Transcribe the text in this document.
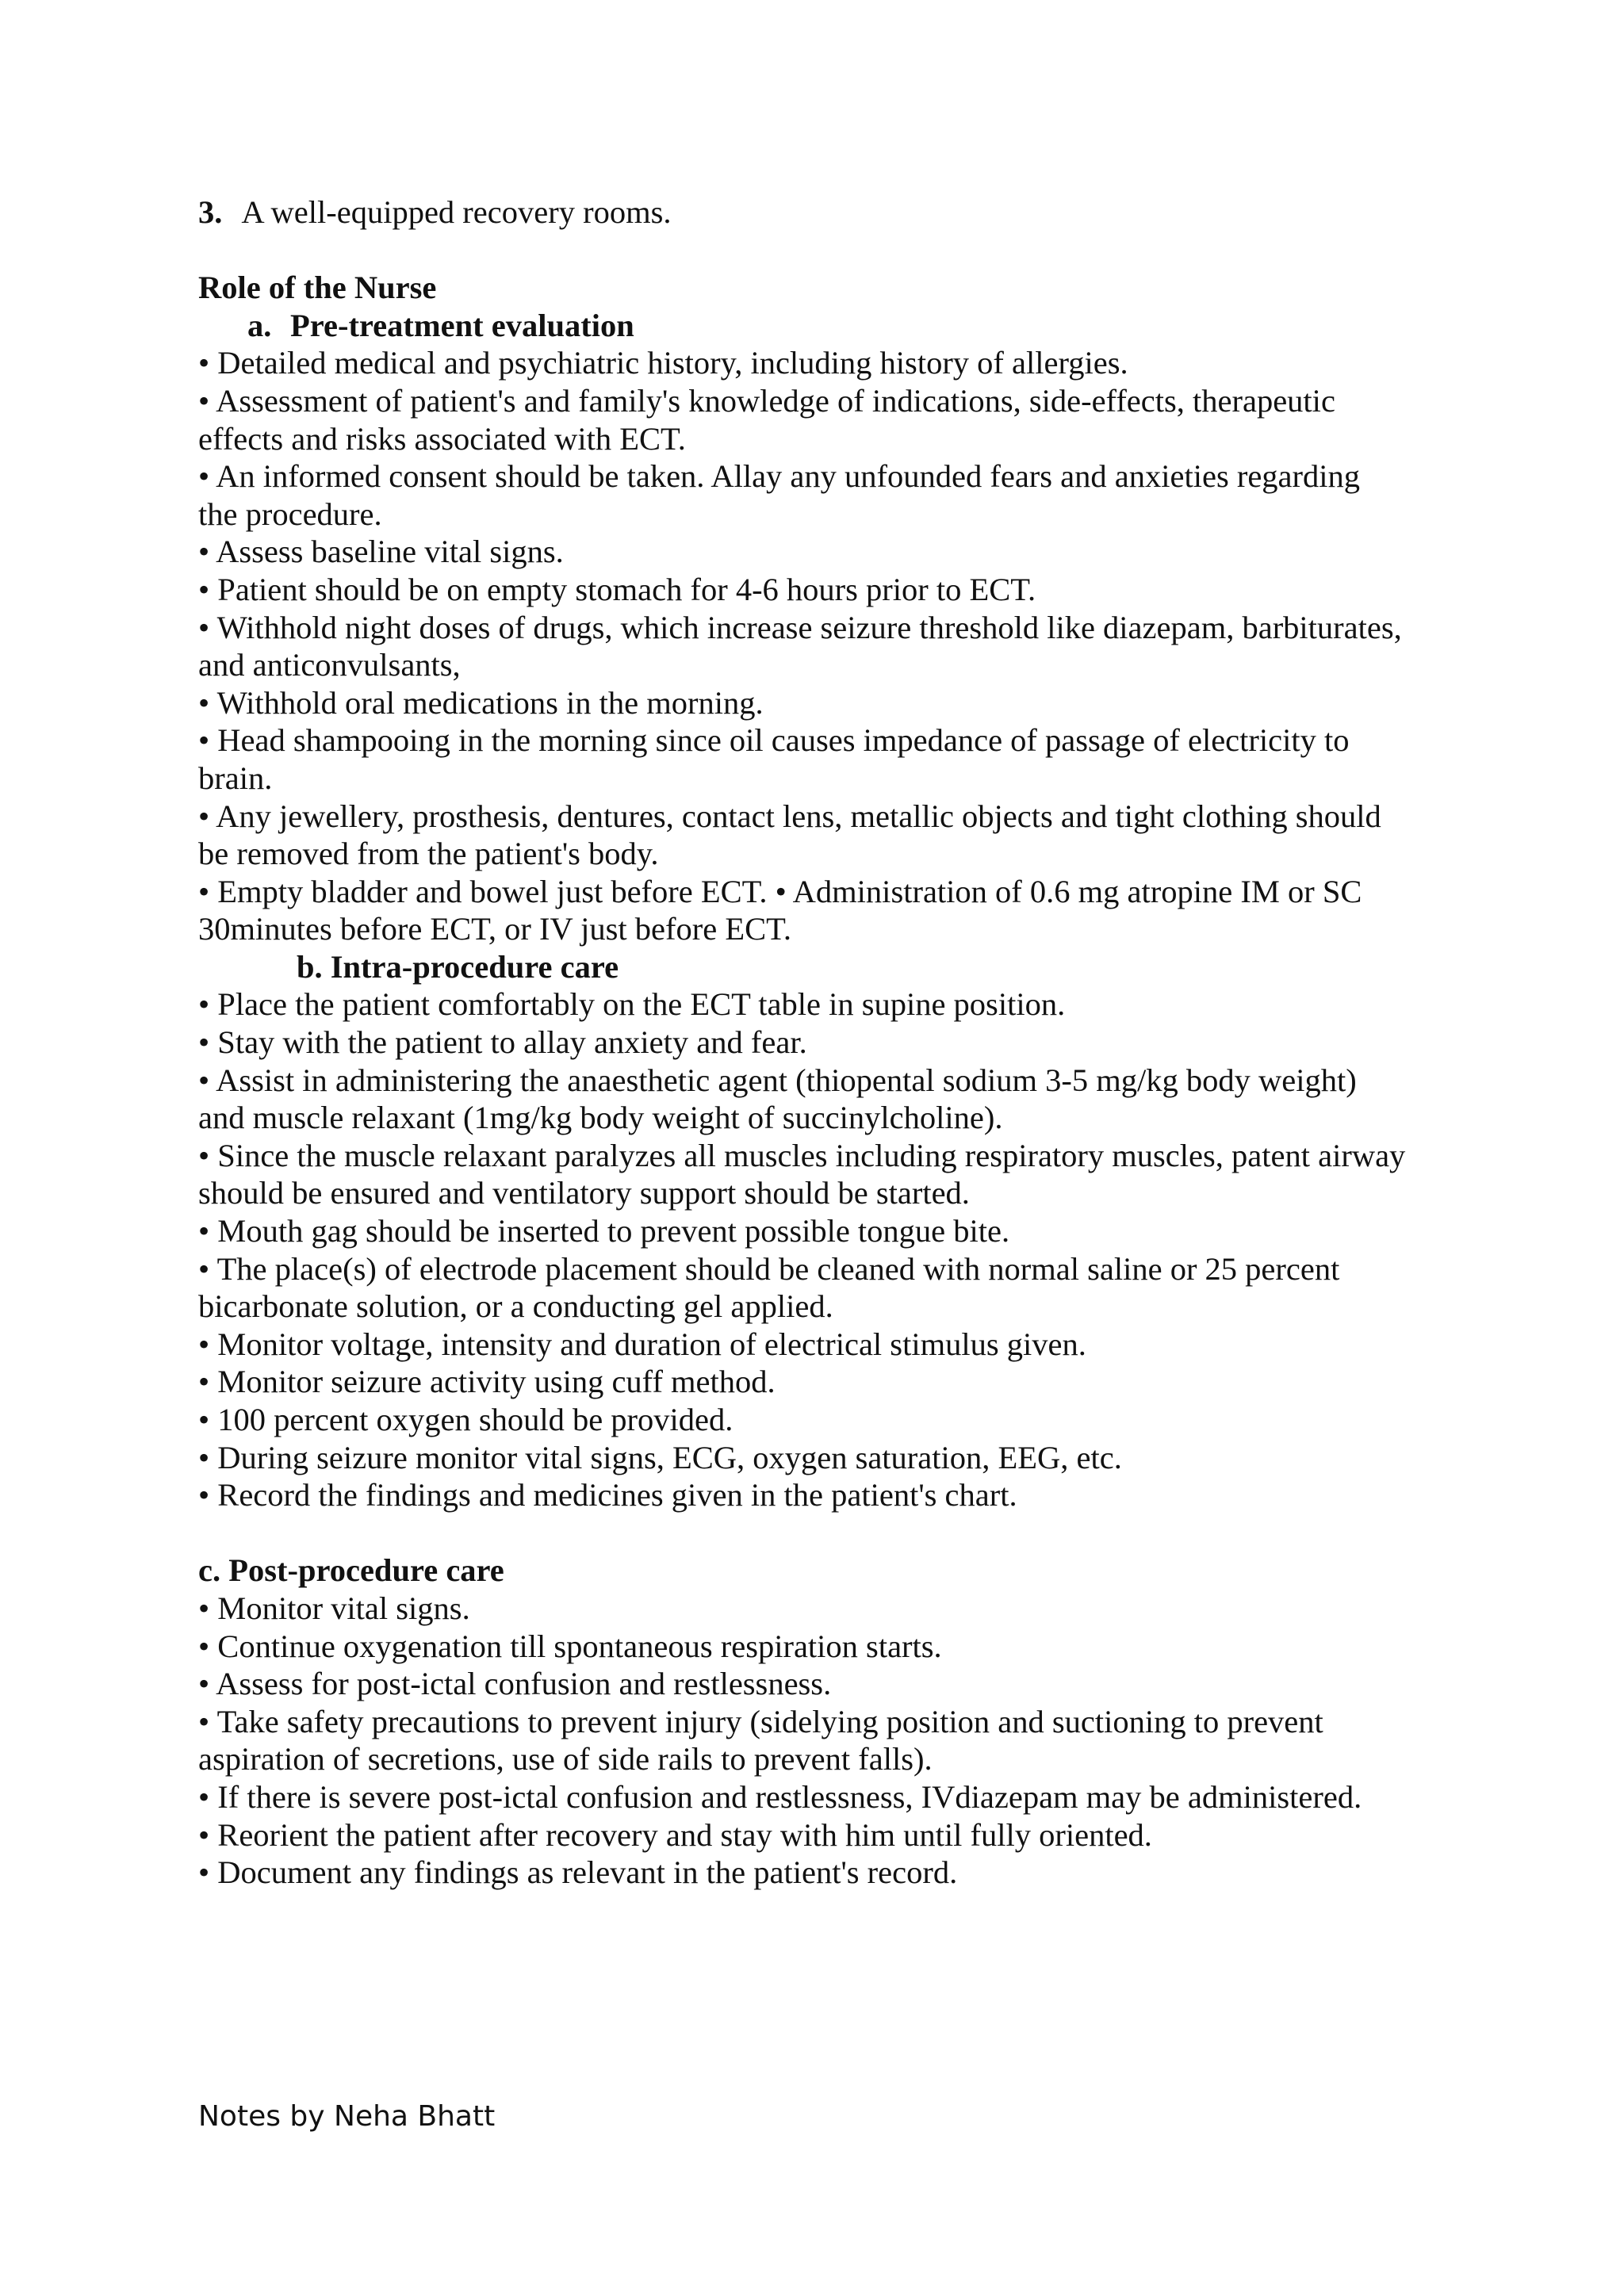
3. A well-equipped recovery rooms.

Role of the Nurse

a. Pre-treatment evaluation

• Detailed medical and psychiatric history, including history of allergies.

• Assessment of patient's and family's knowledge of indications, side-effects, therapeutic

effects and risks associated with ECT.

• An informed consent should be taken. Allay any unfounded fears and anxieties regarding

the procedure.

• Assess baseline vital signs.

• Patient should be on empty stomach for 4-6 hours prior to ECT.

• Withhold night doses of drugs, which increase seizure threshold like diazepam, barbiturates,

and anticonvulsants,

• Withhold oral medications in the morning.

• Head shampooing in the morning since oil causes impedance of passage of electricity to

brain.

• Any jewellery, prosthesis, dentures, contact lens, metallic objects and tight clothing should

be removed from the patient's body.

• Empty bladder and bowel just before ECT. • Administration of 0.6 mg atropine IM or SC

30minutes before ECT, or IV just before ECT.

b. Intra-procedure care

• Place the patient comfortably on the ECT table in supine position.

• Stay with the patient to allay anxiety and fear.

• Assist in administering the anaesthetic agent (thiopental sodium 3-5 mg/kg body weight)

and muscle relaxant (1mg/kg body weight of succinylcholine).

• Since the muscle relaxant paralyzes all muscles including respiratory muscles, patent airway

should be ensured and ventilatory support should be started.

• Mouth gag should be inserted to prevent possible tongue bite.

• The place(s) of electrode placement should be cleaned with normal saline or 25 percent

bicarbonate solution, or a conducting gel applied.

• Monitor voltage, intensity and duration of electrical stimulus given.

• Monitor seizure activity using cuff method.

• 100 percent oxygen should be provided.

• During seizure monitor vital signs, ECG, oxygen saturation, EEG, etc.

• Record the findings and medicines given in the patient's chart.

c. Post-procedure care

• Monitor vital signs.

• Continue oxygenation till spontaneous respiration starts.

• Assess for post-ictal confusion and restlessness.

• Take safety precautions to prevent injury (sidelying position and suctioning to prevent

aspiration of secretions, use of side rails to prevent falls).

• If there is severe post-ictal confusion and restlessness, IVdiazepam may be administered.

• Reorient the patient after recovery and stay with him until fully oriented.

• Document any findings as relevant in the patient's record.

Notes by Neha Bhatt
